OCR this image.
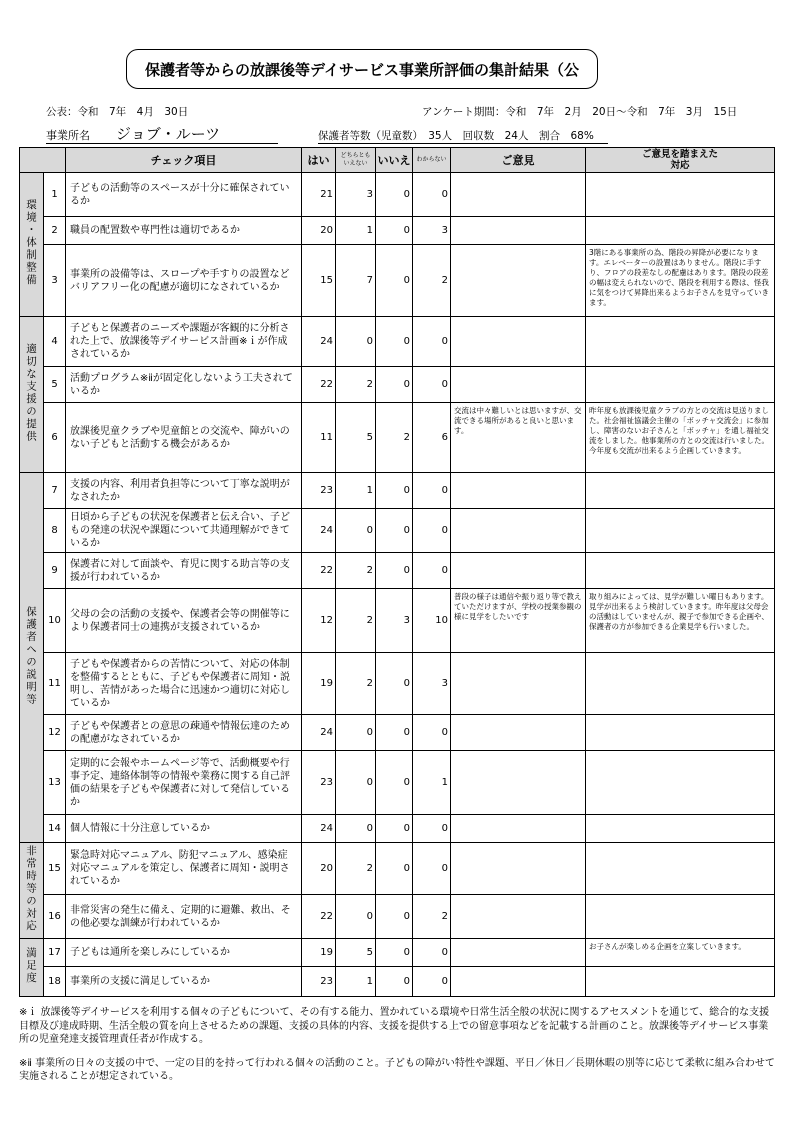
保護者等からの放課後等デイサービス事業所評価の集計結果（公
公表：令和　7年　4月　30日	アンケート期間：令和　7年　2月　20日～令和　7年　3月　15日
事業所名 ジョブ・ルーツ	保護者等数（児童数）　35人　回収数　24人　割合　68%
		チェック項目	はい	どちらとも
いえない	いいえ	わからない	ご意見	ご意見を踏まえた
対応
環境・体制整備	1	子どもの活動等のスペースが十分に確保されているか	21	3	0	0		
	2	職員の配置数や専門性は適切であるか	20	1	0	3		
	3	事業所の設備等は、スロープや手すりの設置などバリアフリー化の配慮が適切になされているか	15	7	0	2		3階にある事業所の為、階段の昇降が必要になります。エレベーターの設置はありません。階段に手すり、フロアの段差なしの配慮はあります。階段の段差の幅は変えられないので、階段を利用する際は、怪我に気をつけて昇降出来るようお子さんを見守っていきます。
適切な支援の提供	4	子どもと保護者のニーズや課題が客観的に分析された上で、放課後等デイサービス計画※ｉが作成されているか	24	0	0	0		
	5	活動プログラム※ⅱが固定化しないよう工夫されているか	22	2	0	0		
	6	放課後児童クラブや児童館との交流や、障がいのない子どもと活動する機会があるか	11	5	2	6	交流は中々難しいとは思いますが、交流できる場所があると良いと思います。	昨年度も放課後児童クラブの方との交流は見送りました。社会福祉協議会主催の「ボッチャ交流会」に参加し、障害のないお子さんと「ボッチャ」を通し福祉交流をしました。他事業所の方との交流は行いました。今年度も交流が出来るよう企画していきます。
保護者への説明等	7	支援の内容、利用者負担等について丁寧な説明がなされたか	23	1	0	0		
	8	日頃から子どもの状況を保護者と伝え合い、子どもの発達の状況や課題について共通理解ができているか	24	0	0	0		
	9	保護者に対して面談や、育児に関する助言等の支援が行われているか	22	2	0	0		
	10	父母の会の活動の支援や、保護者会等の開催等により保護者同士の連携が支援されているか	12	2	3	10	普段の様子は通信や振り返り等で教えていただけますが、学校の授業参観の様に見学をしたいです	取り組みによっては、見学が難しい曜日もあります。見学が出来るよう検討していきます。昨年度は父母会の活動はしていませんが、親子で参加できる企画や、保護者の方が参加できる企業見学も行いました。
	11	子どもや保護者からの苦情について、対応の体制を整備するとともに、子どもや保護者に周知・説明し、苦情があった場合に迅速かつ適切に対応しているか	19	2	0	3		
	12	子どもや保護者との意思の疎通や情報伝達のための配慮がなされているか	24	0	0	0		
	13	定期的に会報やホームページ等で、活動概要や行事予定、連絡体制等の情報や業務に関する自己評価の結果を子どもや保護者に対して発信しているか	23	0	0	1		
	14	個人情報に十分注意しているか	24	0	0	0		
非常時等の対応	15	緊急時対応マニュアル、防犯マニュアル、感染症対応マニュアルを策定し、保護者に周知・説明されているか	20	2	0	0		
	16	非常災害の発生に備え、定期的に避難、救出、その他必要な訓練が行われているか	22	0	0	2		
満足度	17	子どもは通所を楽しみにしているか	19	5	0	0		お子さんが楽しめる企画を立案していきます。
	18	事業所の支援に満足しているか	23	1	0	0		

※ｉ 放課後等デイサービスを利用する個々の子どもについて、その有する能力、置かれている環境や日常生活全般の状況に関するアセスメントを通じて、総合的な支援目標及び達成時期、生活全般の質を向上させるための課題、支援の具体的内容、支援を提供する上での留意事項などを記載する計画のこと。放課後等デイサービス事業所の児童発達支援管理責任者が作成する。

※ⅱ 事業所の日々の支援の中で、一定の目的を持って行われる個々の活動のこと。子どもの障がい特性や課題、平日／休日／長期休暇の別等に応じて柔軟に組み合わせて実施されることが想定されている。
